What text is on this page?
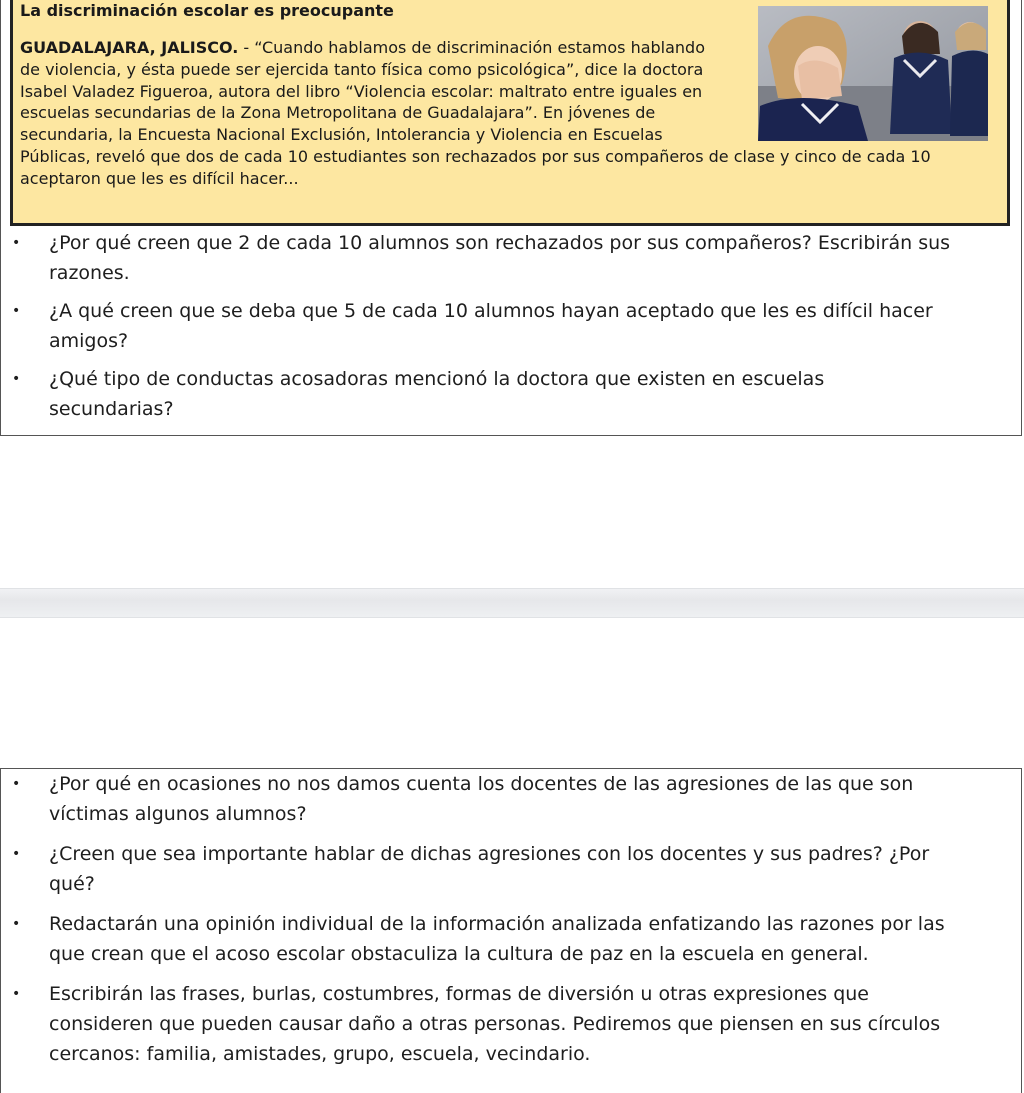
La discriminación escolar es preocupante
GUADALAJARA, JALISCO. - “Cuando hablamos de discriminación estamos hablando
de violencia, y ésta puede ser ejercida tanto física como psicológica”, dice la doctora
Isabel Valadez Figueroa, autora del libro “Violencia escolar: maltrato entre iguales en
escuelas secundarias de la Zona Metropolitana de Guadalajara”. En jóvenes de
secundaria, la Encuesta Nacional Exclusión, Intolerancia y Violencia en Escuelas
Públicas, reveló que dos de cada 10 estudiantes son rechazados por sus compañeros de clase y cinco de cada 10
aceptaron que les es difícil hacer...
• ¿Por qué creen que 2 de cada 10 alumnos son rechazados por sus compañeros? Escribirán sus
razones.
• ¿A qué creen que se deba que 5 de cada 10 alumnos hayan aceptado que les es difícil hacer
amigos?
• ¿Qué tipo de conductas acosadoras mencionó la doctora que existen en escuelas
secundarias?
• ¿Por qué en ocasiones no nos damos cuenta los docentes de las agresiones de las que son
víctimas algunos alumnos?
• ¿Creen que sea importante hablar de dichas agresiones con los docentes y sus padres? ¿Por
qué?
• Redactarán una opinión individual de la información analizada enfatizando las razones por las
que crean que el acoso escolar obstaculiza la cultura de paz en la escuela en general.
• Escribirán las frases, burlas, costumbres, formas de diversión u otras expresiones que
consideren que pueden causar daño a otras personas. Pediremos que piensen en sus círculos
cercanos: familia, amistades, grupo, escuela, vecindario.
